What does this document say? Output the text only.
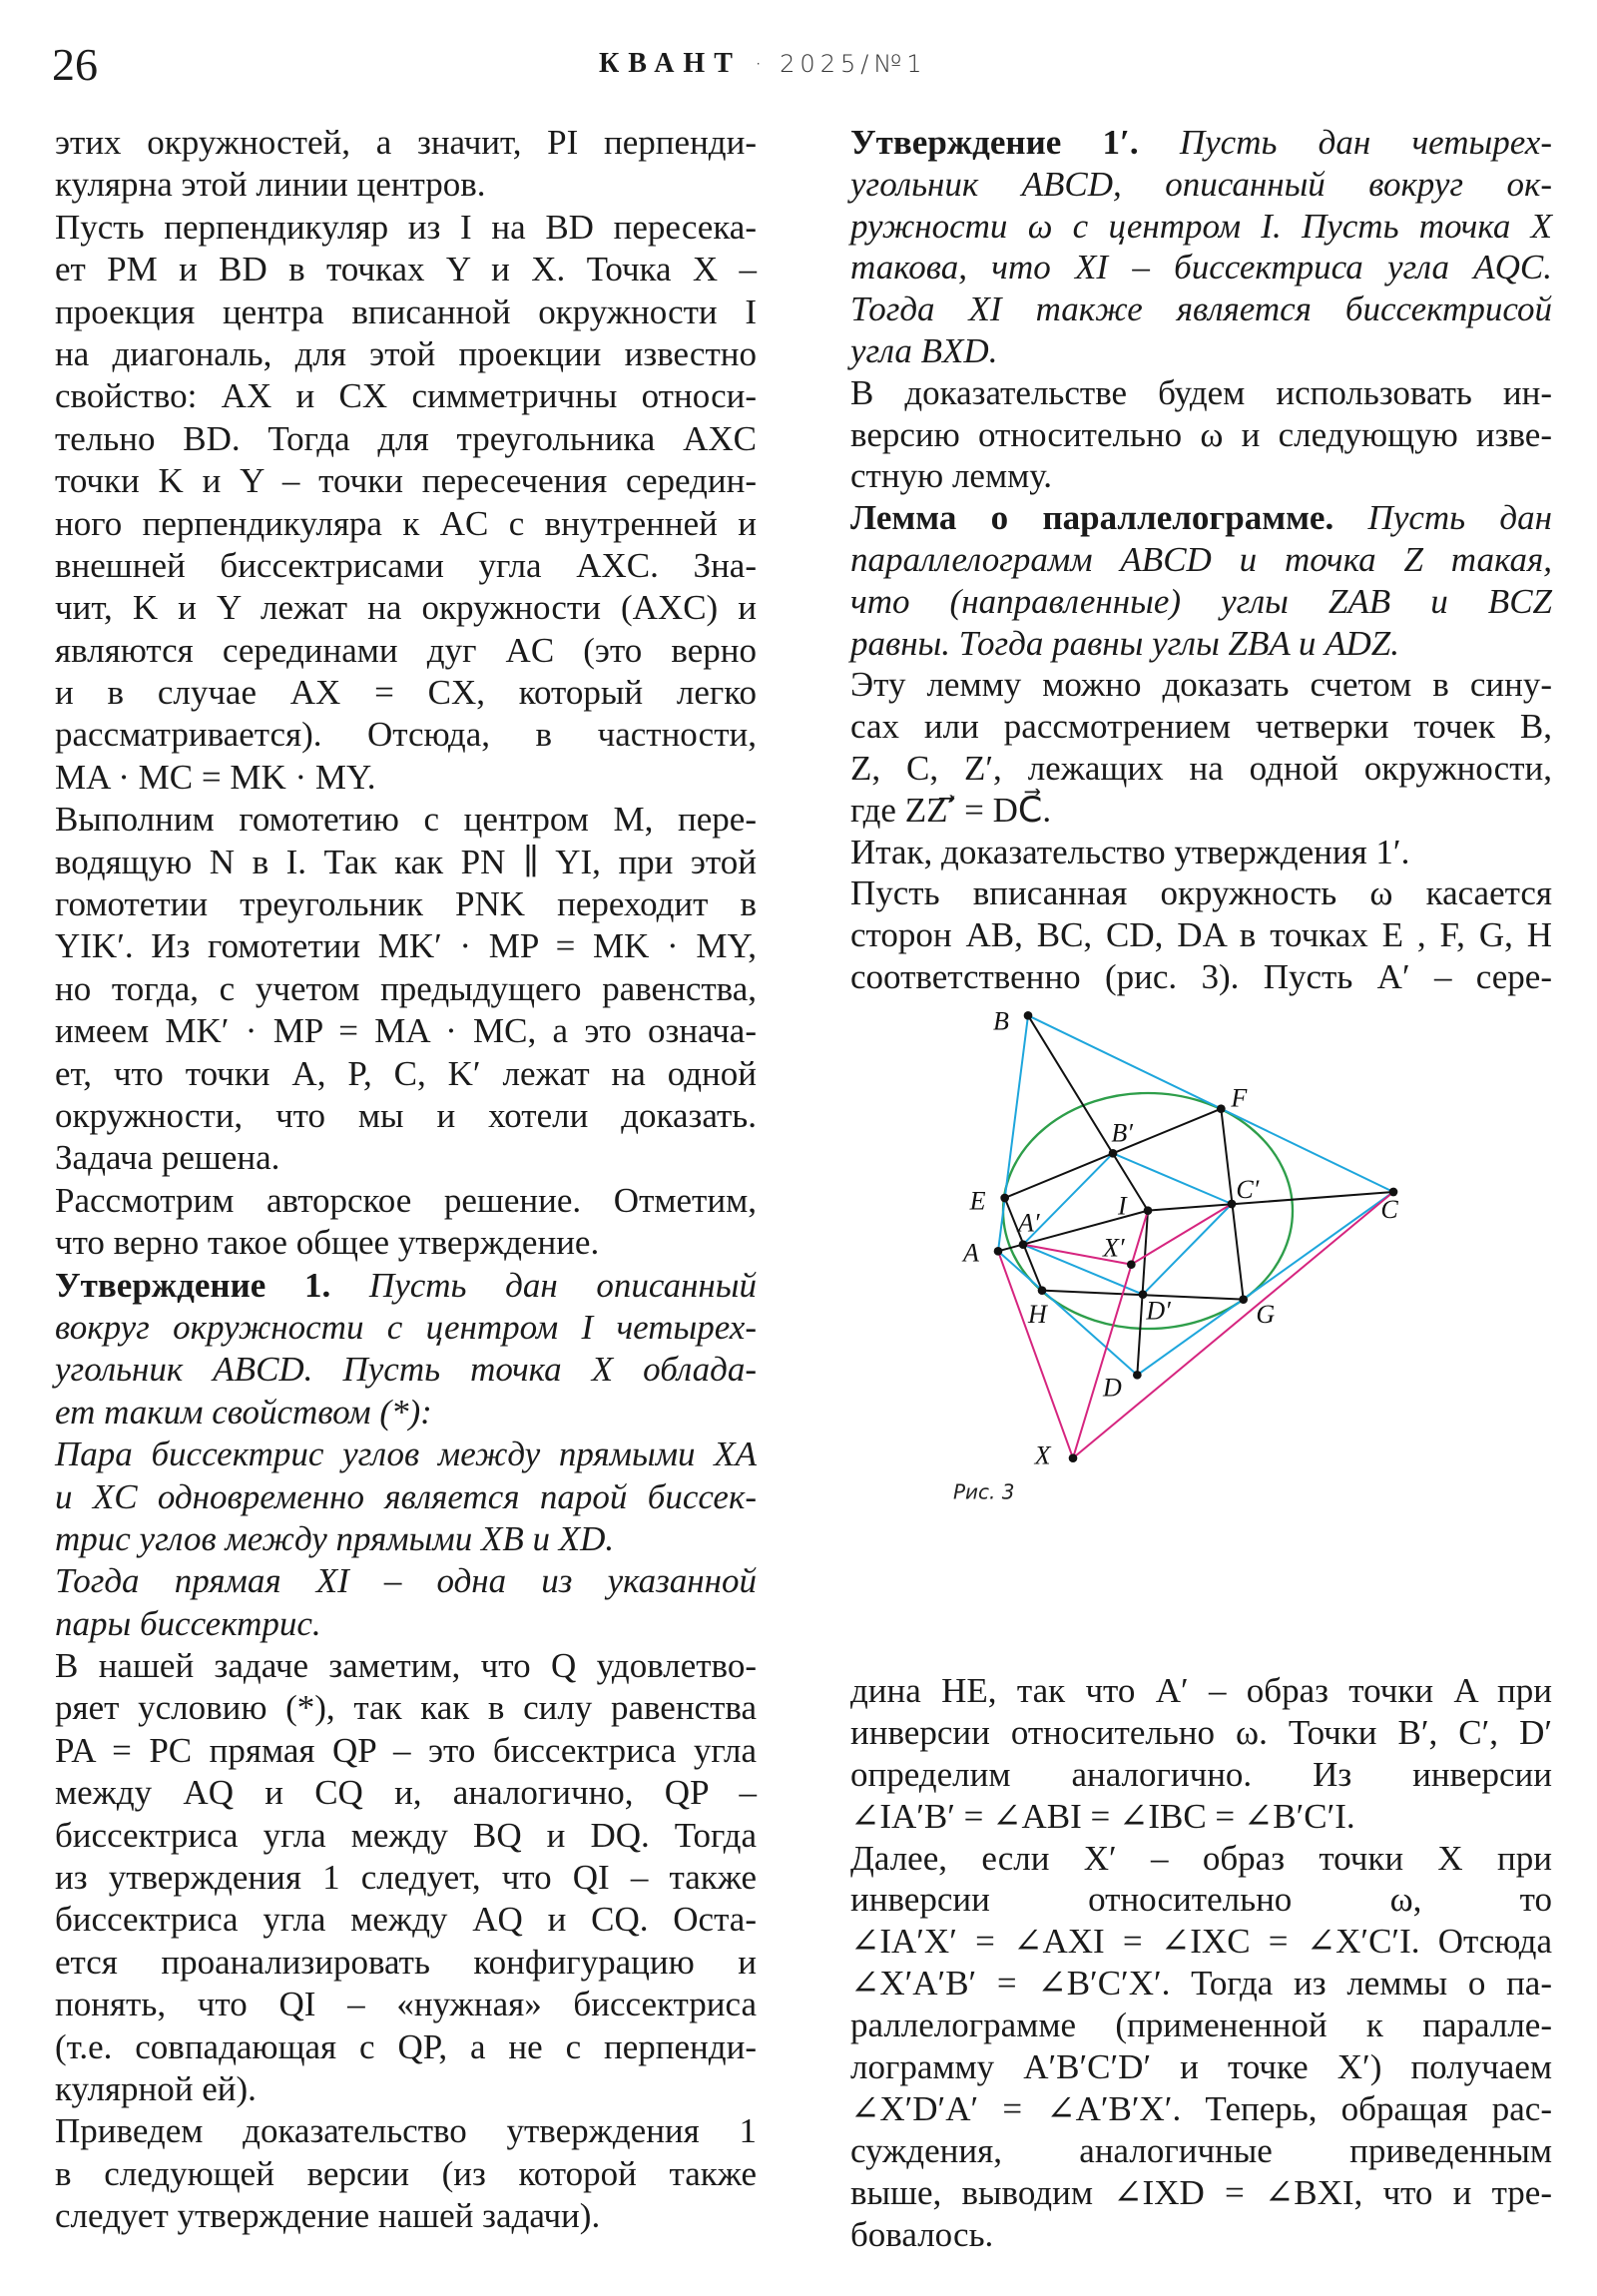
26	КВАНТ · 2025/№1
этих окружностей, а значит, PI перпенди-
кулярна этой линии центров.
Пусть перпендикуляр из I на BD пересека-
ет PM и BD в точках Y и X. Точка X –
проекция центра вписанной окружности I
на диагональ, для этой проекции известно
свойство: AX и CX симметричны относи-
тельно BD. Тогда для треугольника AXC
точки K и Y – точки пересечения середин-
ного перпендикуляра к AC с внутренней и
внешней биссектрисами угла AXC. Зна-
чит, K и Y лежат на окружности (AXC) и
являются серединами дуг AC (это верно
и в случае AX = CX, который легко
рассматривается). Отсюда, в частности,
MA · MC = MK · MY.
Выполним гомотетию с центром M, пере-
водящую N в I. Так как PN ∥ YI, при этой
гомотетии треугольник PNK переходит в
YIK′. Из гомотетии MK′ · MP = MK · MY,
но тогда, с учетом предыдущего равенства,
имеем MK′ · MP = MA · MC, а это означа-
ет, что точки A, P, C, K′ лежат на одной
окружности, что мы и хотели доказать.
Задача решена.
Рассмотрим авторское решение. Отметим,
что верно такое общее утверждение.
Утверждение 1. Пусть дан описанный
вокруг окружности с центром I четырех-
угольник ABCD. Пусть точка X облада-
ет таким свойством (*):
Пара биссектрис углов между прямыми XA
и XC одновременно является парой биссек-
трис углов между прямыми XB и XD.
Тогда прямая XI – одна из указанной
пары биссектрис.
В нашей задаче заметим, что Q удовлетво-
ряет условию (*), так как в силу равенства
PA = PC прямая QP – это биссектриса угла
между AQ и CQ и, аналогично, QP –
биссектриса угла между BQ и DQ. Тогда
из утверждения 1 следует, что QI – также
биссектриса угла между AQ и CQ. Оста-
ется проанализировать конфигурацию и
понять, что QI – «нужная» биссектриса
(т.е. совпадающая с QP, а не с перпенди-
кулярной ей).
Приведем доказательство утверждения 1
в следующей версии (из которой также
следует утверждение нашей задачи).
Утверждение 1′. Пусть дан четырех-
угольник ABCD, описанный вокруг ок-
ружности ω с центром I. Пусть точка X
такова, что XI – биссектриса угла AQC.
Тогда XI также является биссектрисой
угла BXD.
В доказательстве будем использовать ин-
версию относительно ω и следующую изве-
стную лемму.
Лемма о параллелограмме. Пусть дан
параллелограмм ABCD и точка Z такая,
что (направленные) углы ZAB и BCZ
равны. Тогда равны углы ZBA и ADZ.
Эту лемму можно доказать счетом в сину-
сах или рассмотрением четверки точек B,
Z, C, Z′, лежащих на одной окружности,
где ZZ′⃗ = DC⃗.
Итак, доказательство утверждения 1′.
Пусть вписанная окружность ω касается
сторон AB, BC, CD, DA в точках E , F, G, H
соответственно (рис. 3). Пусть A′ – сере-
дина HE, так что A′ – образ точки A при
инверсии относительно ω. Точки B′, C′, D′
определим аналогично. Из инверсии
∠IA′B′ = ∠ABI = ∠IBC = ∠B′C′I.
Далее, если X′ – образ точки X при
инверсии относительно ω, то
∠IA′X′ = ∠AXI = ∠IXC = ∠X′C′I. Отсюда
∠X′A′B′ = ∠B′C′X′. Тогда из леммы о па-
раллелограмме (примененной к паралле-
лограмму A′B′C′D′ и точке X′) получаем
∠X′D′A′ = ∠A′B′X′. Теперь, обращая рас-
суждения, аналогичные приведенным
выше, выводим ∠IXD = ∠BXI, что и тре-
бовалось.
B
F
B′
E
A′
I
C′
C
X′
A
H D′ G
D
X
Рис. 3
